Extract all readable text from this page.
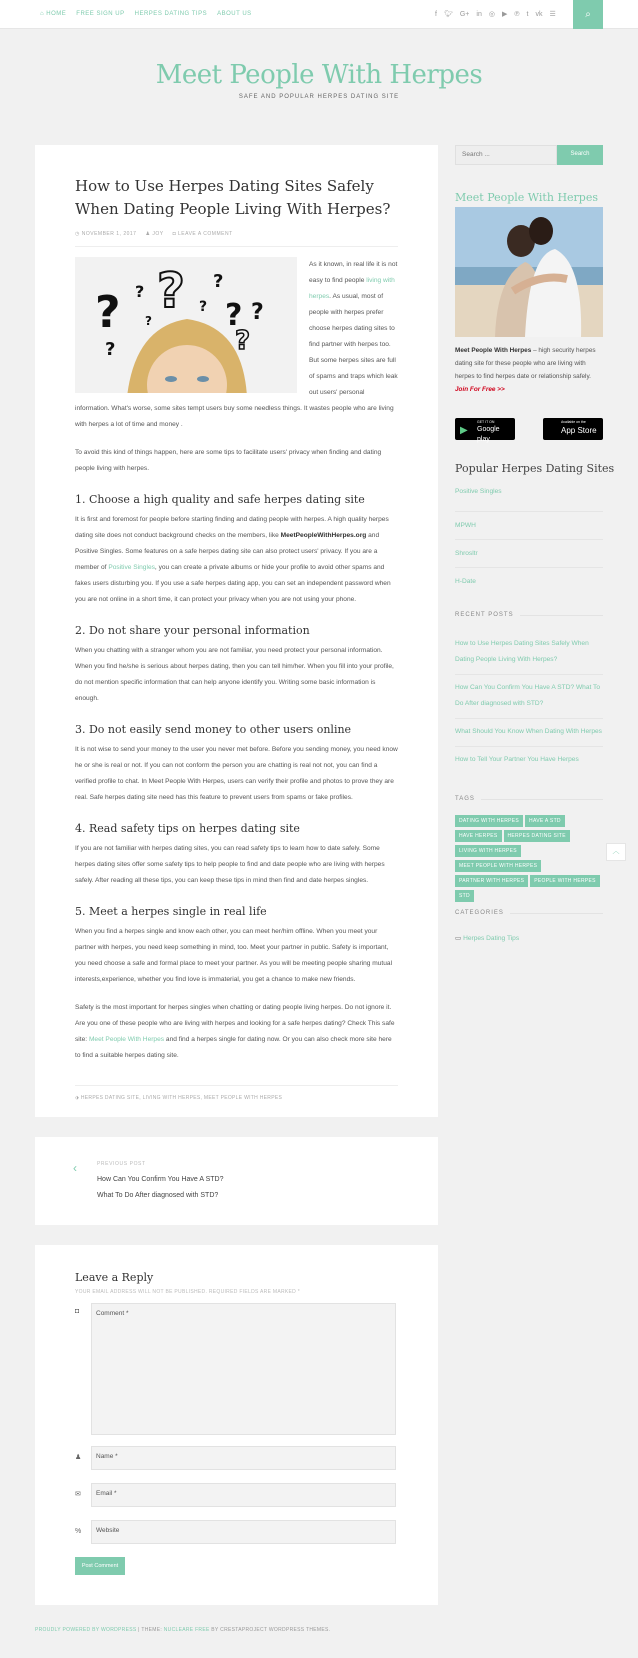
⌂ HOME FREE SIGN UP HERPES DATING TIPS ABOUT US	f 🐦︎ G+ in ◎ ▶ ℗ t vk ☰	⌕
Meet People With Herpes
SAFE AND POPULAR HERPES DATING SITE
How to Use Herpes Dating Sites Safely When Dating People Living With Herpes?
◷ NOVEMBER 1, 2017 ♟ JOY ◘ LEAVE A COMMENT
? ?
?	?
? ?
?
?
?
?

As it known, in real life it is not easy to find people living with herpes. As usual, most of people with herpes prefer choose herpes dating sites to find partner with herpes too. But some herpes sites are full of spams and traps which leak out users' personal information. What's worse, some sites tempt users buy some needless things. It wastes people who are living with herpes a lot of time and money .

To avoid this kind of things happen, here are some tips to facilitate users' privacy when finding and dating people living with herpes.

1. Choose a high quality and safe herpes dating site

It is first and foremost for people before starting finding and dating people with herpes. A high quality herpes dating site does not conduct background checks on the members, like MeetPeopleWithHerpes.org and Positive Singles. Some features on a safe herpes dating site can also protect users' privacy. If you are a member of Positive Singles, you can create a private albums or hide your profile to avoid other spams and fakes users disturbing you. If you use a safe herpes dating app, you can set an independent password when you are not online in a short time, it can protect your privacy when you are not using your phone.

2. Do not share your personal information

When you chatting with a stranger whom you are not familiar, you need protect your personal information. When you find he/she is serious about herpes dating, then you can tell him/her. When you fill into your profile, do not mention specific information that can help anyone identify you. Writing some basic information is enough.

3. Do not easily send money to other users online

It is not wise to send your money to the user you never met before. Before you sending money, you need know he or she is real or not. If you can not conform the person you are chatting is real not not, you can find a verified profile to chat. In Meet People With Herpes, users can verify their profile and photos to prove they are real. Safe herpes dating site need has this feature to prevent users from spams or fake profiles.

4. Read safety tips on herpes dating site

If you are not familiar with herpes dating sites, you can read safety tips to learn how to date safely. Some herpes dating sites offer some safety tips to help people to find and date people who are living with herpes safely. After reading all these tips, you can keep these tips in mind then find and date herpes singles.

5. Meet a herpes single in real life

When you find a herpes single and know each other, you can meet her/him offline. When you meet your partner with herpes, you need keep something in mind, too. Meet your partner in public. Safety is important, you need choose a safe and formal place to meet your partner. As you will be meeting people sharing mutual interests,experience, whether you find love is immaterial, you get a chance to make new friends.

Safety is the most important for herpes singles when chatting or dating people living herpes. Do not ignore it. Are you one of these people who are living with herpes and looking for a safe herpes dating? Check This safe site: Meet People With Herpes and find a herpes single for dating now. Or you can also check more site here to find a suitable herpes dating site.

⬗ HERPES DATING SITE, LIVING WITH HERPES, MEET PEOPLE WITH HERPES
‹	PREVIOUS POST
How Can You Confirm You Have A STD?
What To Do After diagnosed with STD?
Leave a Reply
YOUR EMAIL ADDRESS WILL NOT BE PUBLISHED. REQUIRED FIELDS ARE MARKED *
◘	Comment *
♟	Name *
✉	Email *
%	Website
Post Comment
Search ...	Search
Meet People With Herpes
Meet People With Herpes – high security herpes dating site for these people who are living with herpes to find herpes date or relationship safely. Join For Free >>
▶
GET IT ON
Google play
Available on the
App Store
Popular Herpes Dating Sites
Positive Singles
MPWH
Shrosltr
H-Date
RECENT POSTS
How to Use Herpes Dating Sites Safely When Dating People Living With Herpes?
How Can You Confirm You Have A STD? What To Do After diagnosed with STD?
What Should You Know When Dating With Herpes
How to Tell Your Partner You Have Herpes
TAGS
DATING WITH HERPES HAVE A STDHAVE HERPES HERPES DATING SITELIVING WITH HERPESMEET PEOPLE WITH HERPESPARTNER WITH HERPES PEOPLE WITH HERPESSTD
CATEGORIES
▭ Herpes Dating Tips
︿
PROUDLY POWERED BY WORDPRESS | THEME: NUCLEARE FREE BY CRESTAPROJECT WORDPRESS THEMES.
